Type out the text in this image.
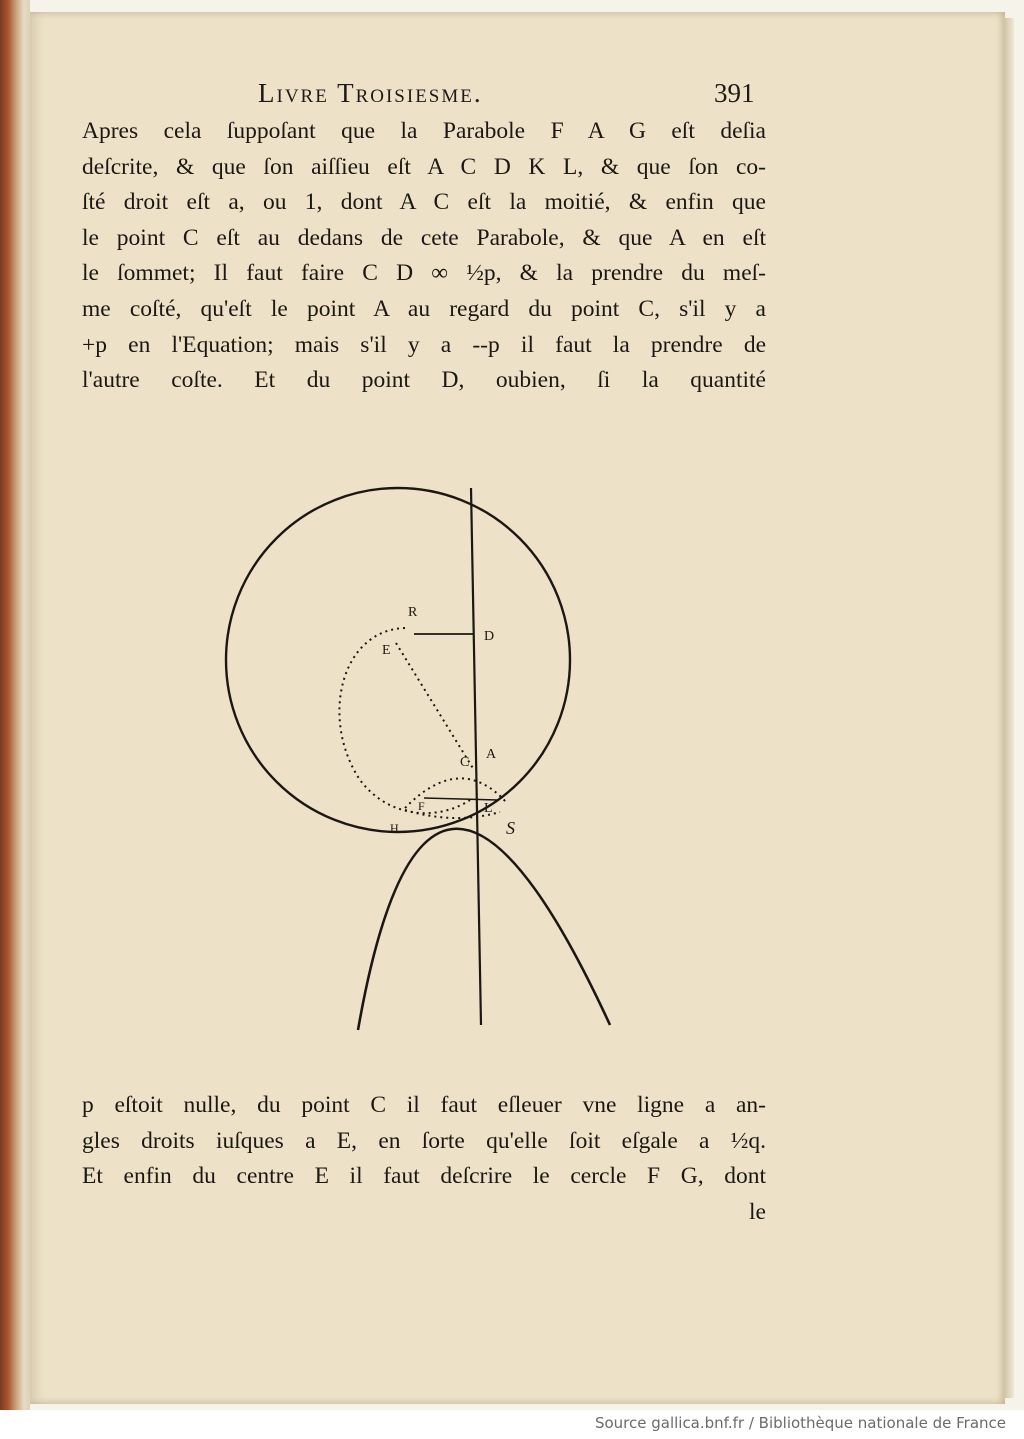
Livre Troisiesme.	391
Apres cela ſuppoſant que la Parabole F A G eſt deſia
deſcrite, & que ſon aiſſieu eſt A C D K L, & que ſon co-
ſté droit eſt a, ou 1, dont A C eſt la moitié, & enfin que
le point C eſt au dedans de cete Parabole, & que A en eſt
le ſommet; Il faut faire C D ∞ ½p, & la prendre du meſ-
me coſté, qu'eſt le point A au regard du point C, s'il y a
+p en l'Equation; mais s'il y a --p il faut la prendre de
l'autre coſte. Et du point D, oubien, ſi la quantité
R
D
E
A
C
F	L
H	S
p eſtoit nulle, du point C il faut eſleuer vne ligne a an-
gles droits iuſques a E, en ſorte qu'elle ſoit eſgale a ½q.
Et enfin du centre E il faut deſcrire le cercle F G, dont
le
Source gallica.bnf.fr / Bibliothèque nationale de France
